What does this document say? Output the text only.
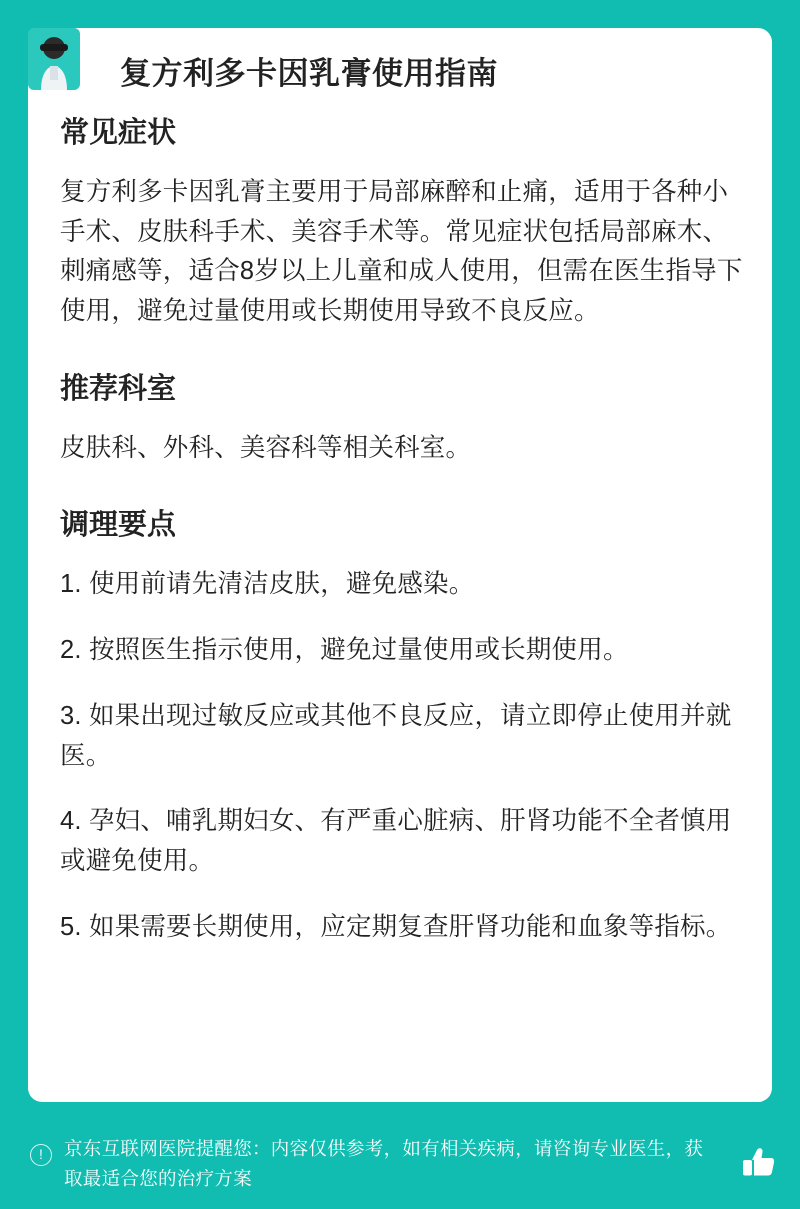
复方利多卡因乳膏使用指南
常见症状

复方利多卡因乳膏主要用于局部麻醉和止痛，适用于各种小手术、皮肤科手术、美容手术等。常见症状包括局部麻木、刺痛感等，适合8岁以上儿童和成人使用，但需在医生指导下使用，避免过量使用或长期使用导致不良反应。

推荐科室

皮肤科、外科、美容科等相关科室。

调理要点

1. 使用前请先清洁皮肤，避免感染。

2. 按照医生指示使用，避免过量使用或长期使用。

3. 如果出现过敏反应或其他不良反应，请立即停止使用并就医。

4. 孕妇、哺乳期妇女、有严重心脏病、肝肾功能不全者慎用或避免使用。

5. 如果需要长期使用，应定期复查肝肾功能和血象等指标。

!	京东互联网医院提醒您：内容仅供参考，如有相关疾病，请咨询专业医生，获取最适合您的治疗方案
